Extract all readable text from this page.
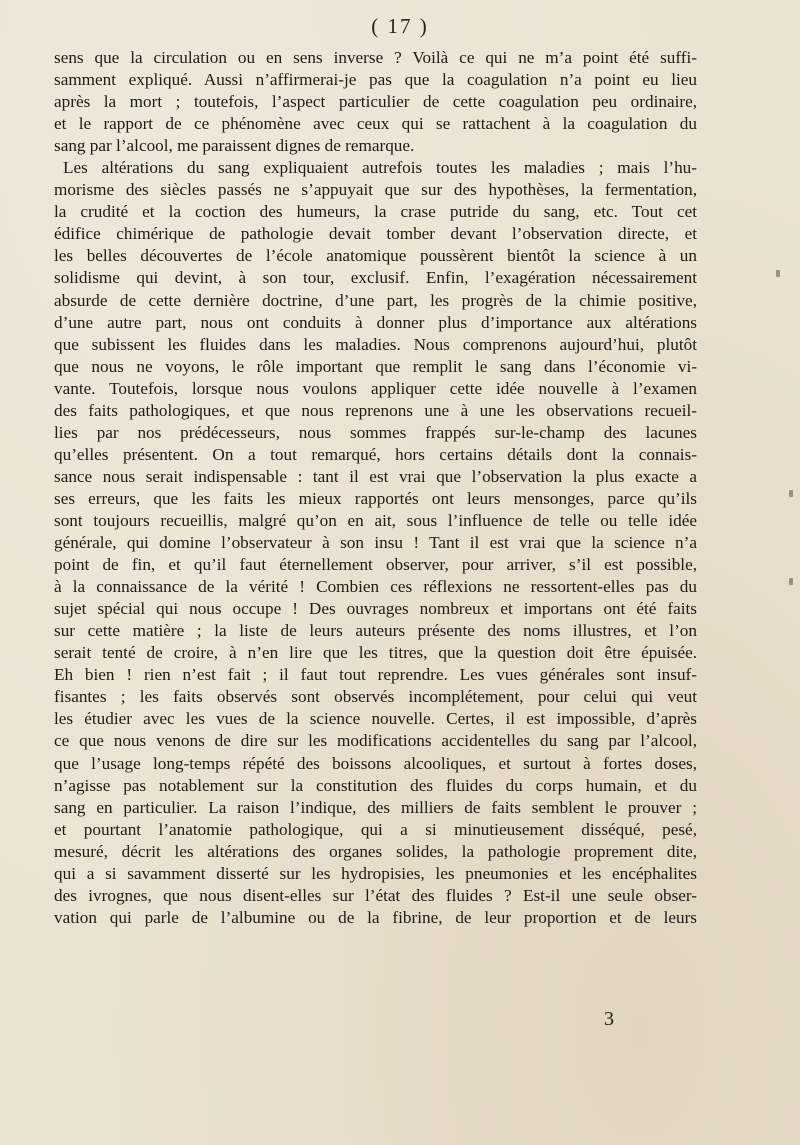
( 17 )
sens que la circulation ou en sens inverse ? Voilà ce qui ne m’a point été suffi-
samment expliqué. Aussi n’affirmerai-je pas que la coagulation n’a point eu lieu
après la mort ; toutefois, l’aspect particulier de cette coagulation peu ordinaire,
et le rapport de ce phénomène avec ceux qui se rattachent à la coagulation du
sang par l’alcool, me paraissent dignes de remarque.
Les altérations du sang expliquaient autrefois toutes les maladies ; mais l’hu-
morisme des siècles passés ne s’appuyait que sur des hypothèses, la fermentation,
la crudité et la coction des humeurs, la crase putride du sang, etc. Tout cet
édifice chimérique de pathologie devait tomber devant l’observation directe, et
les belles découvertes de l’école anatomique poussèrent bientôt la science à un
solidisme qui devint, à son tour, exclusif. Enfin, l’exagération nécessairement
absurde de cette dernière doctrine, d’une part, les progrès de la chimie positive,
d’une autre part, nous ont conduits à donner plus d’importance aux altérations
que subissent les fluides dans les maladies. Nous comprenons aujourd’hui, plutôt
que nous ne voyons, le rôle important que remplit le sang dans l’économie vi-
vante. Toutefois, lorsque nous voulons appliquer cette idée nouvelle à l’examen
des faits pathologiques, et que nous reprenons une à une les observations recueil-
lies par nos prédécesseurs, nous sommes frappés sur-le-champ des lacunes
qu’elles présentent. On a tout remarqué, hors certains détails dont la connais-
sance nous serait indispensable : tant il est vrai que l’observation la plus exacte a
ses erreurs, que les faits les mieux rapportés ont leurs mensonges, parce qu’ils
sont toujours recueillis, malgré qu’on en ait, sous l’influence de telle ou telle idée
générale, qui domine l’observateur à son insu ! Tant il est vrai que la science n’a
point de fin, et qu’il faut éternellement observer, pour arriver, s’il est possible,
à la connaissance de la vérité ! Combien ces réflexions ne ressortent-elles pas du
sujet spécial qui nous occupe ! Des ouvrages nombreux et importans ont été faits
sur cette matière ; la liste de leurs auteurs présente des noms illustres, et l’on
serait tenté de croire, à n’en lire que les titres, que la question doit être épuisée.
Eh bien ! rien n’est fait ; il faut tout reprendre. Les vues générales sont insuf-
fisantes ; les faits observés sont observés incomplétement, pour celui qui veut
les étudier avec les vues de la science nouvelle. Certes, il est impossible, d’après
ce que nous venons de dire sur les modifications accidentelles du sang par l’alcool,
que l’usage long-temps répété des boissons alcooliques, et surtout à fortes doses,
n’agisse pas notablement sur la constitution des fluides du corps humain, et du
sang en particulier. La raison l’indique, des milliers de faits semblent le prouver ;
et pourtant l’anatomie pathologique, qui a si minutieusement disséqué, pesé,
mesuré, décrit les altérations des organes solides, la pathologie proprement dite,
qui a si savamment disserté sur les hydropisies, les pneumonies et les encéphalites
des ivrognes, que nous disent-elles sur l’état des fluides ? Est-il une seule obser-
vation qui parle de l’albumine ou de la fibrine, de leur proportion et de leurs
3
